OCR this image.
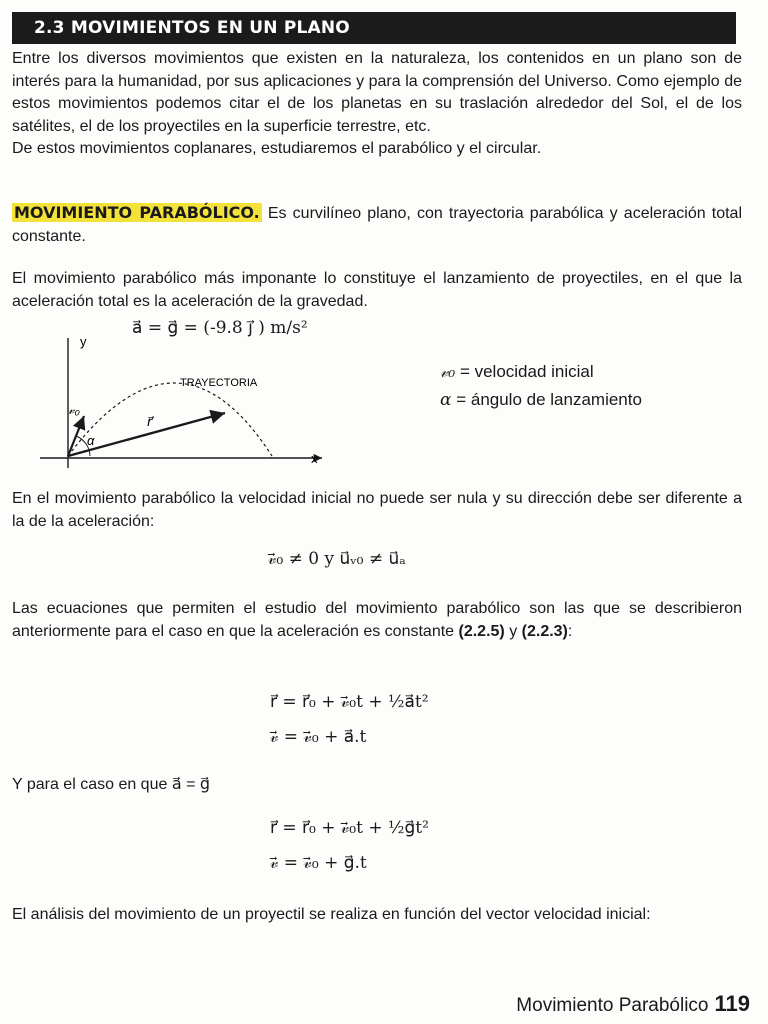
2.3 MOVIMIENTOS EN UN PLANO

Entre los diversos movimientos que existen en la naturaleza, los contenidos en un plano son de interés para la humanidad, por sus aplicaciones y para la comprensión del Universo. Como ejemplo de estos movimientos podemos citar el de los planetas en su traslación alrededor del Sol, el de los satélites, el de los proyectiles en la superficie terrestre, etc.

De estos movimientos coplanares, estudiaremos el parabólico y el circular.

MOVIMIENTO PARABÓLICO. Es curvilíneo plano, con trayectoria parabólica y aceleración total constante.
El movimiento parabólico más imponante lo constituye el lanzamiento de proyectiles, en el que la aceleración total es la aceleración de la gravedad.
a⃗ = g⃗ = (-9.8 j⃗ ) m/s²
y
x
TRAYECTORIA
r⃗
𝓋₀
α
𝓋₀ = velocidad inicial
α = ángulo de lanzamiento
En el movimiento parabólico la velocidad inicial no puede ser nula y su dirección debe ser diferente a la de la aceleración:
𝓋⃗₀ ≠ 0 y u⃗ᵥ₀ ≠ u⃗ₐ
Las ecuaciones que permiten el estudio del movimiento parabólico son las que se describieron anteriormente para el caso en que la aceleración es constante (2.2.5) y (2.2.3):
r⃗ = r⃗₀ + 𝓋⃗₀t + ½a⃗t²
𝓋⃗ = 𝓋⃗₀ + a⃗.t
Y para el caso en que a⃗ = g⃗
r⃗ = r⃗₀ + 𝓋⃗₀t + ½g⃗t²
𝓋⃗ = 𝓋⃗₀ + g⃗.t
El análisis del movimiento de un proyectil se realiza en función del vector velocidad inicial:
Movimiento Parabólico 119
